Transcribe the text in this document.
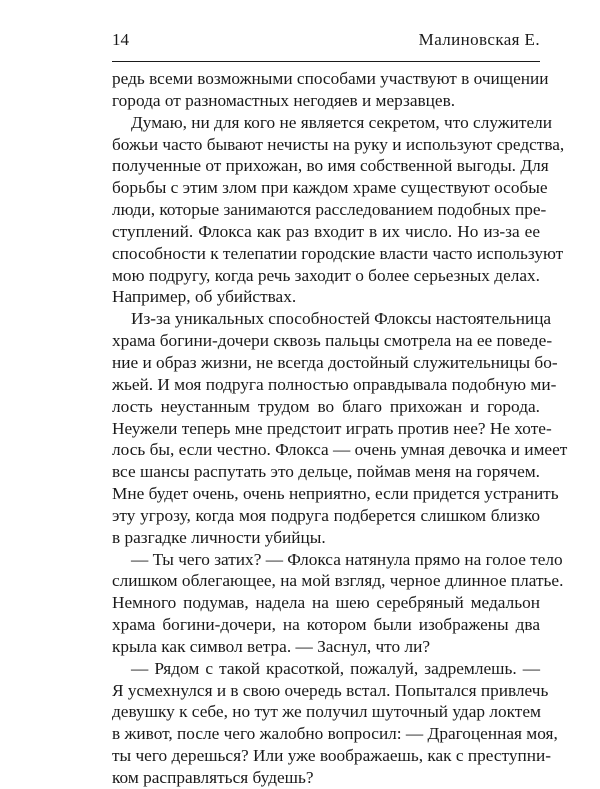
14	Малиновская Е.
редь всеми возможными способами участвуют в очищении
города от разномастных негодяев и мерзавцев.
Думаю, ни для кого не является секретом, что служители
божьи часто бывают нечисты на руку и используют средства,
полученные от прихожан, во имя собственной выгоды. Для
борьбы с этим злом при каждом храме существуют особые
люди, которые занимаются расследованием подобных пре-
ступлений. Флокса как раз входит в их число. Но из-за ее
способности к телепатии городские власти часто используют
мою подругу, когда речь заходит о более серьезных делах.
Например, об убийствах.
Из-за уникальных способностей Флоксы настоятельница
храма богини-дочери сквозь пальцы смотрела на ее поведе-
ние и образ жизни, не всегда достойный служительницы бо-
жьей. И моя подруга полностью оправдывала подобную ми-
лость неустанным трудом во благо прихожан и города.
Неужели теперь мне предстоит играть против нее? Не хоте-
лось бы, если честно. Флокса — очень умная девочка и имеет
все шансы распутать это дельце, поймав меня на горячем.
Мне будет очень, очень неприятно, если придется устранить
эту угрозу, когда моя подруга подберется слишком близко
в разгадке личности убийцы.
— Ты чего затих? — Флокса натянула прямо на голое тело
слишком облегающее, на мой взгляд, черное длинное платье.
Немного подумав, надела на шею серебряный медальон
храма богини-дочери, на котором были изображены два
крыла как символ ветра. — Заснул, что ли?
— Рядом с такой красоткой, пожалуй, задремлешь. —
Я усмехнулся и в свою очередь встал. Попытался привлечь
девушку к себе, но тут же получил шуточный удар локтем
в живот, после чего жалобно вопросил: — Драгоценная моя,
ты чего дерешься? Или уже воображаешь, как с преступни-
ком расправляться будешь?
